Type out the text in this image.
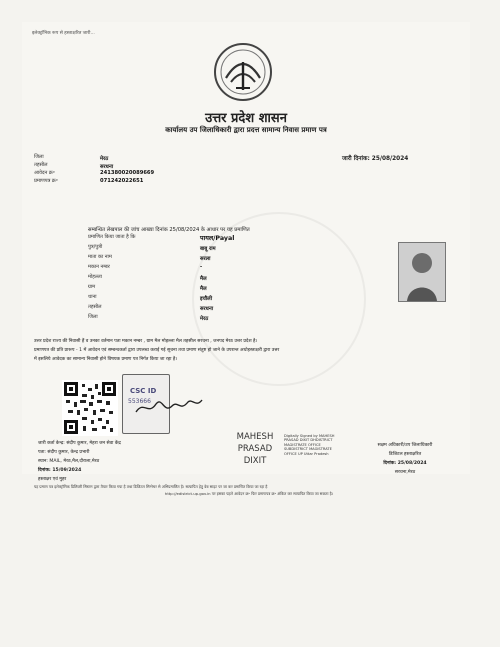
इलेक्ट्रॉनिक रूप से हस्ताक्षरित जारी...
उत्तर प्रदेश शासन
कार्यालय उप जिलाधिकारी द्वारा प्रदत्त सामान्य निवास प्रमाण पत्र
जारी दिनांक: 25/08/2024
जिला	मेरठ
तहसील	सरधना
आवेदन क्र॰	241380020089669
प्रमाणपत्र क्र॰	071242022651
सम्बन्धित लेखपाल की जांच आख्या दिनांक 25/08/2024 के आधार पर यह प्रमाणित
प्रमाणित किया जाता है कि	पायल/Payal
पुत्र/पुत्री	बाबू राम
माता का नाम	सरला
मकान नम्बर	-
मोहल्ला	मैल
ग्राम	मैल
थाना	इचौली
तहसील	सरधना
जिला	मेरठ
उत्तर प्रदेश राज्य की निवासी हैं व उनका वर्तमान पता मकान नम्बर , ग्राम मैल मोहल्ला मैल तहसील सरधना , जनपद मेरठ उत्तर प्रदेश है।
प्रमाणपत्र की प्रति प्रारूप - 1 में आवेदन एवं सम्बन्धकर्ता द्वारा उपलब्ध कराई गई सूचना तथा प्रमाण संतुष्ट हो जाने के उपरान्त अधोहस्ताक्षरी द्वारा उत्तर
में इसलिये आवेदक का सामान्य निवासी होने विषयक प्रमाण पत्र निर्गत किया जा रहा है।
CSC ID
553666
जारी कर्ता केन्द्र: संदीप कुमार, मेहरा जन सेवा केंद्र
पता: संदीप कुमार, केन्द्र प्रभारी
स्थान: MAIL, मेरठ,मैल,दौराला,मेरठ
दिनांक: 15/09/2024
हस्ताक्षर एवं मुहर
MAHESH
PRASAD
DIXIT
Digitally Signed by MAHESH PRASAD DIXIT DHDISTRICT MAGISTRATE OFFICE SUBDISTRICT MAGISTRATE OFFICE UP Uttar Pradesh
सक्षम अधिकारी/उप जिलाधिकारी
डिजिटल हस्ताक्षरित
दिनांक: 25/08/2024
सरधना,मेरठ
यह प्रमाण पत्र इलेक्ट्रॉनिक डिलिवरी सिस्टम द्वारा तैयार किया गया है तथा डिजिटल सिग्नेचर से अभिप्रमाणित है। सत्यापित हेतु वेब साइट पर जा कर प्रमाणित किया जा रहा है
http://edistrict.up.gov.in पर इसका पहले आवेदन क्र॰ फिर प्रमाणपत्र क्र॰ अंकित कर सत्यापित किया जा सकता है।
